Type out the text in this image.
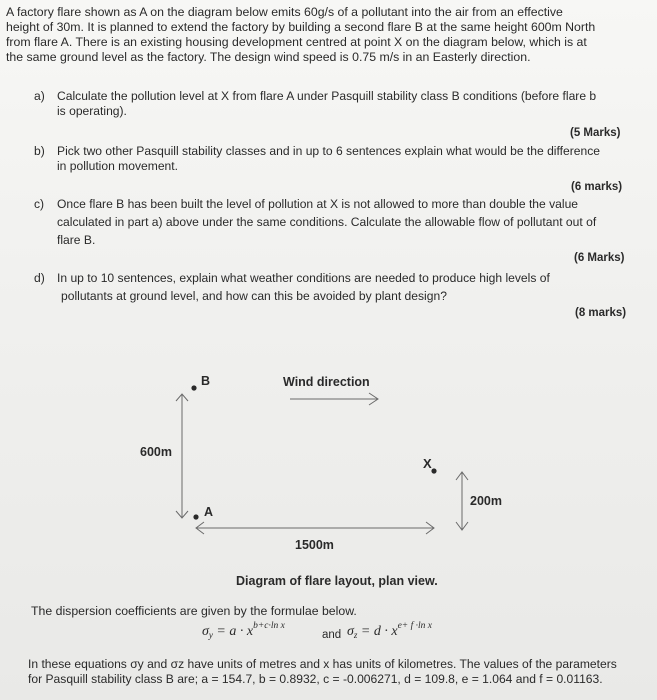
A factory flare shown as A on the diagram below emits 60g/s of a pollutant into the air from an effective
height of 30m. It is planned to extend the factory by building a second flare B at the same height 600m North
from flare A. There is an existing housing development centred at point X on the diagram below, which is at
the same ground level as the factory. The design wind speed is 0.75 m/s in an Easterly direction.
a) Calculate the pollution level at X from flare A under Pasquill stability class B conditions (before flare b
is operating).
(5 Marks)
b) Pick two other Pasquill stability classes and in up to 6 sentences explain what would be the difference
in pollution movement.
(6 marks)
c) Once flare B has been built the level of pollution at X is not allowed to more than double the value
calculated in part a) above under the same conditions. Calculate the allowable flow of pollutant out of
flare B.
(6 Marks)
d) In up to 10 sentences, explain what weather conditions are needed to produce high levels of
pollutants at ground level, and how can this be avoided by plant design?
(8 marks)
B	Wind direction
600m
X
200m
A
1500m
Diagram of flare layout, plan view.
The dispersion coefficients are given by the formulae below.
$\sigma_y = a \cdot x^{b+c\cdot ln x}$
and $\sigma_z = d \cdot x^{e+ f \cdot ln x}$
In these equations σy and σz have units of metres and x has units of kilometres. The values of the parameters
for Pasquill stability class B are; a = 154.7, b = 0.8932, c = -0.006271, d = 109.8, e = 1.064 and f = 0.01163.
